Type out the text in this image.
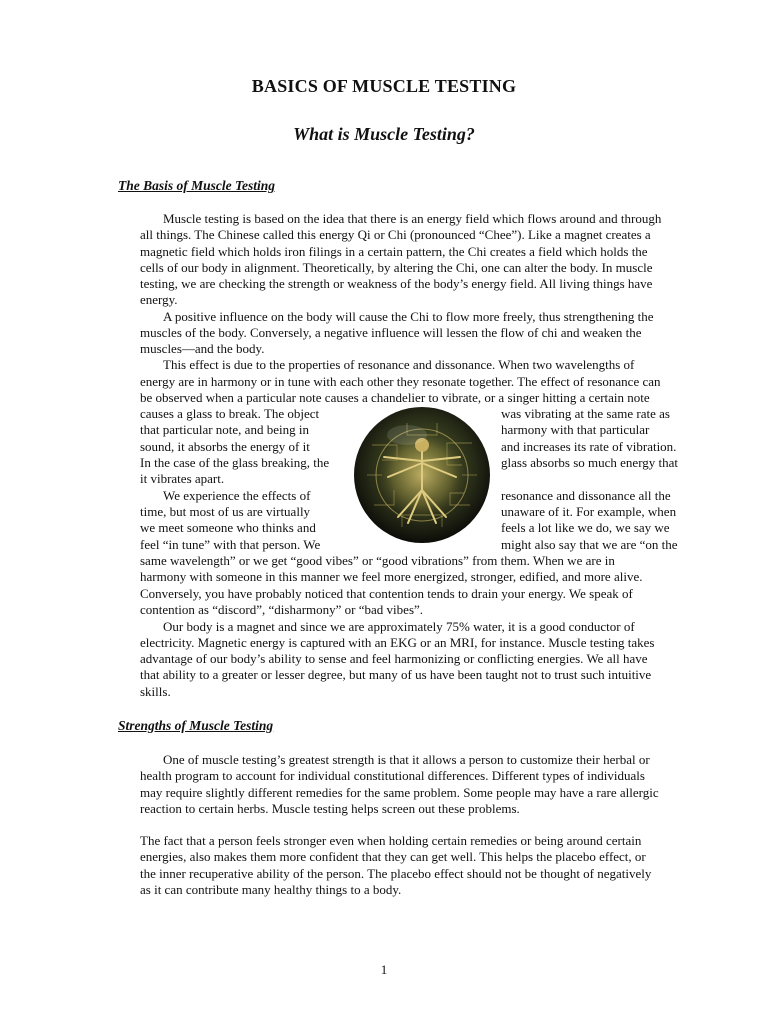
BASICS OF MUSCLE TESTING
What is Muscle Testing?
The Basis of Muscle Testing
Muscle testing is based on the idea that there is an energy field which flows around and through
all things. The Chinese called this energy Qi or Chi (pronounced “Chee”). Like a magnet creates a
magnetic field which holds iron filings in a certain pattern, the Chi creates a field which holds the
cells of our body in alignment. Theoretically, by altering the Chi, one can alter the body. In muscle
testing, we are checking the strength or weakness of the body’s energy field. All living things have
energy.
A positive influence on the body will cause the Chi to flow more freely, thus strengthening the
muscles of the body. Conversely, a negative influence will lessen the flow of chi and weaken the
muscles—and the body.
This effect is due to the properties of resonance and dissonance. When two wavelengths of
energy are in harmony or in tune with each other they resonate together. The effect of resonance can
be observed when a particular note causes a chandelier to vibrate, or a singer hitting a certain note
causes a glass to break. The object
that particular note, and being in
sound, it absorbs the energy of it
In the case of the glass breaking, the
it vibrates apart.
was vibrating at the same rate as
harmony with that particular
and increases its rate of vibration.
glass absorbs so much energy that
We experience the effects of
time, but most of us are virtually
we meet someone who thinks and
feel “in tune” with that person. We
resonance and dissonance all the
unaware of it. For example, when
feels a lot like we do, we say we
might also say that we are “on the
same wavelength” or we get “good vibes” or “good vibrations” from them. When we are in
harmony with someone in this manner we feel more energized, stronger, edified, and more alive.
Conversely, you have probably noticed that contention tends to drain your energy. We speak of
contention as “discord”, “disharmony” or “bad vibes”.
Our body is a magnet and since we are approximately 75% water, it is a good conductor of
electricity. Magnetic energy is captured with an EKG or an MRI, for instance. Muscle testing takes
advantage of our body’s ability to sense and feel harmonizing or conflicting energies. We all have
that ability to a greater or lesser degree, but many of us have been taught not to trust such intuitive
skills.
Strengths of Muscle Testing
One of muscle testing’s greatest strength is that it allows a person to customize their herbal or
health program to account for individual constitutional differences. Different types of individuals
may require slightly different remedies for the same problem. Some people may have a rare allergic
reaction to certain herbs. Muscle testing helps screen out these problems.
The fact that a person feels stronger even when holding certain remedies or being around certain
energies, also makes them more confident that they can get well. This helps the placebo effect, or
the inner recuperative ability of the person. The placebo effect should not be thought of negatively
as it can contribute many healthy things to a body.
1
